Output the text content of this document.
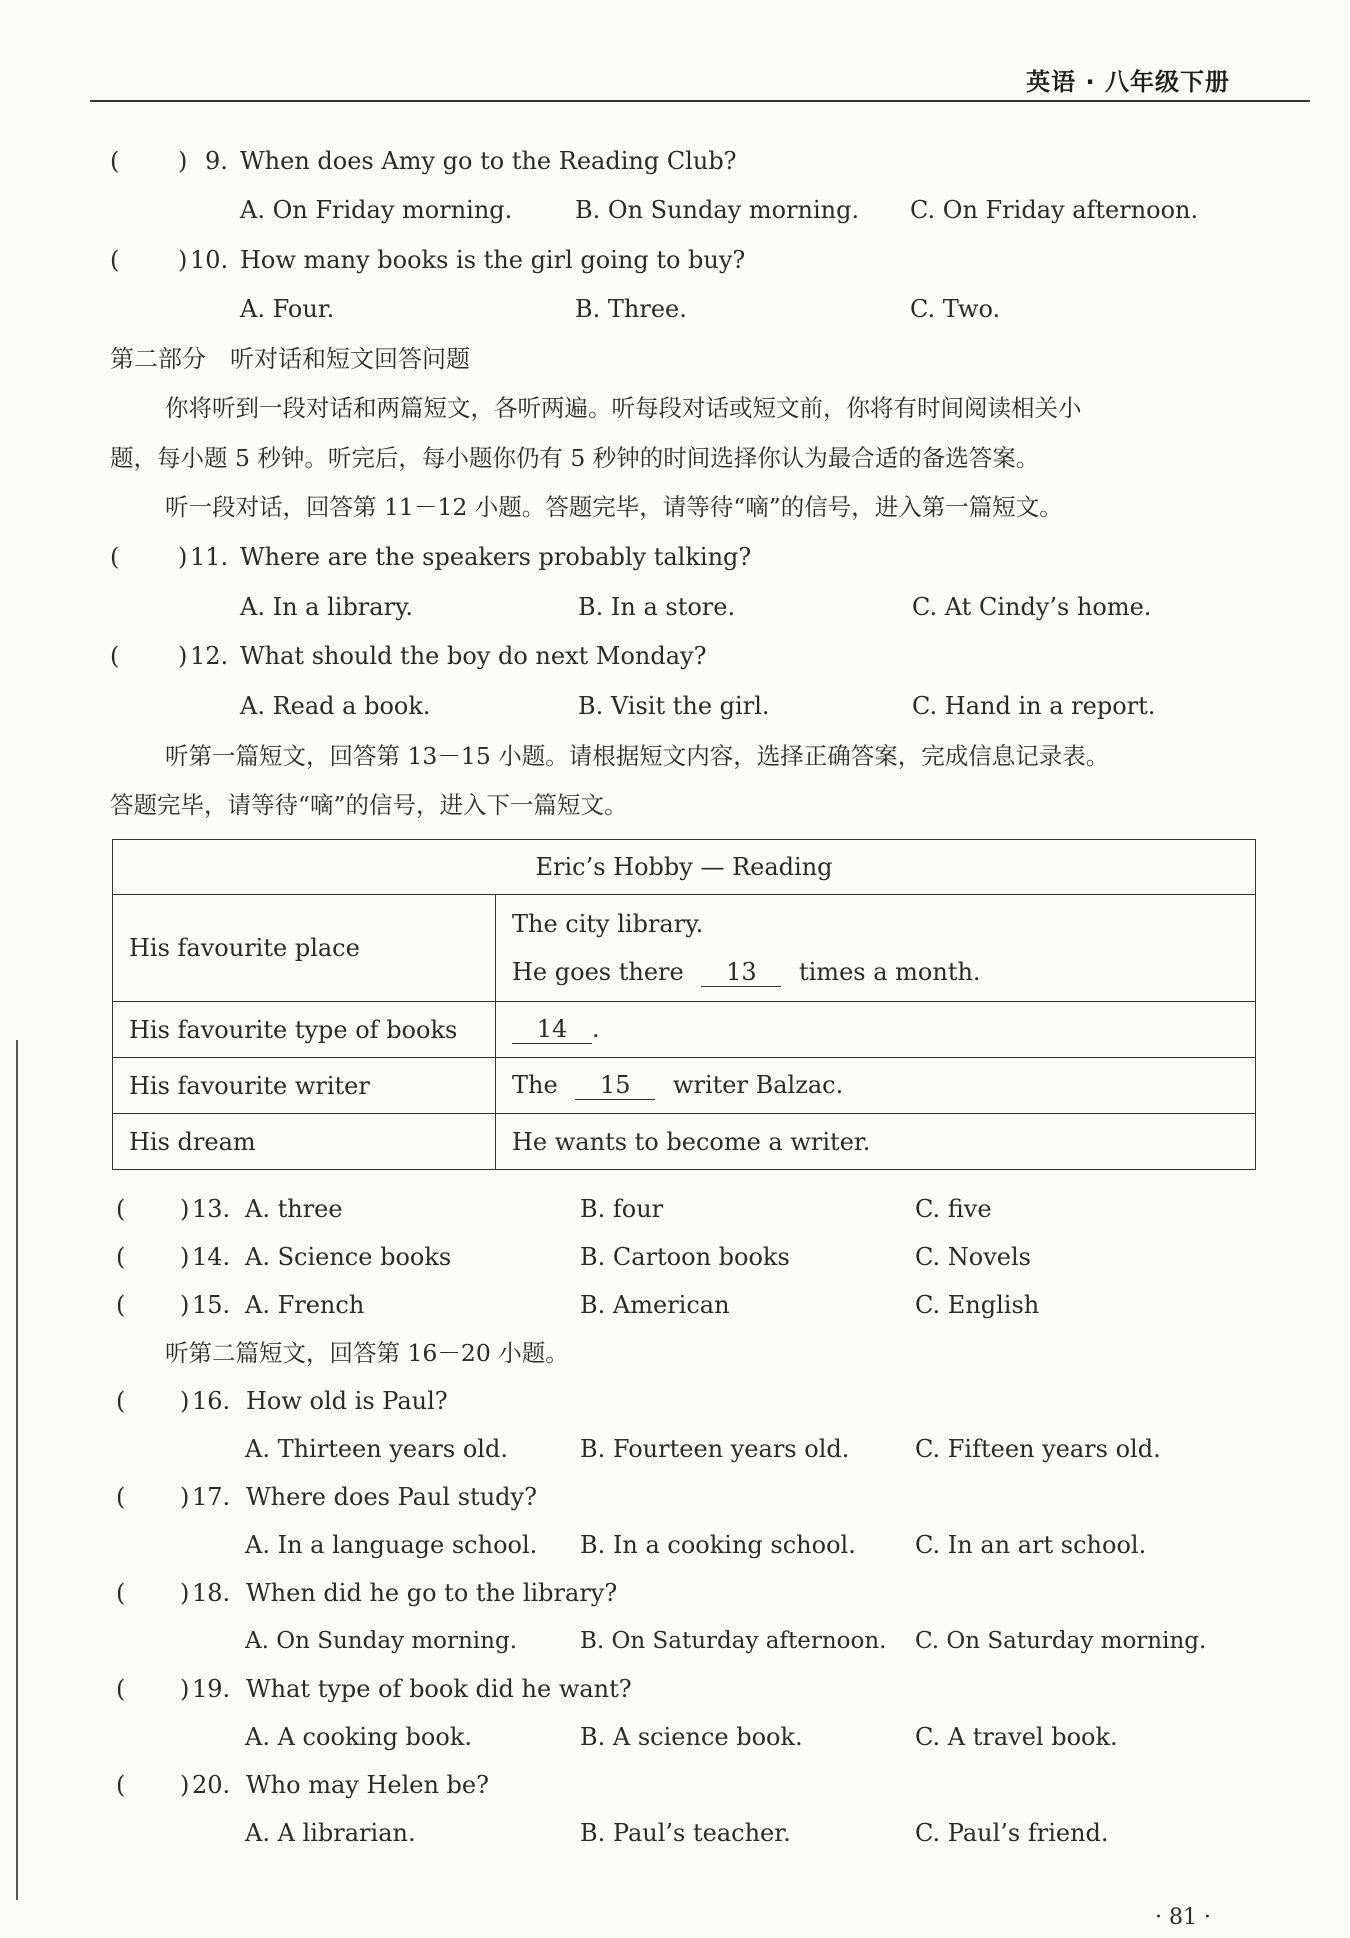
英语 · 八年级下册
( ) 9. When does Amy go to the Reading Club?
A. On Friday morning.	B. On Sunday morning. C. On Friday afternoon.
( ) 10. How many books is the girl going to buy?
A. Four.	B. Three.	C. Two.
第二部分　听对话和短文回答问题
你将听到一段对话和两篇短文，各听两遍。听每段对话或短文前，你将有时间阅读相关小
题，每小题 5 秒钟。听完后，每小题你仍有 5 秒钟的时间选择你认为最合适的备选答案。
听一段对话，回答第 11－12 小题。答题完毕，请等待“嘀”的信号，进入第一篇短文。
( ) 11. Where are the speakers probably talking?
A. In a library.	B. In a store.	C. At Cindy’s home.
( ) 12. What should the boy do next Monday?
A. Read a book.	B. Visit the girl.	C. Hand in a report.
听第一篇短文，回答第 13－15 小题。请根据短文内容，选择正确答案，完成信息记录表。
答题完毕，请等待“嘀”的信号，进入下一篇短文。
Eric’s Hobby — Reading	
His favourite place	The city library.
He goes there 13 times a month.

His favourite type of books	14 .
His favourite writer	The 15 writer Balzac.
His dream	He wants to become a writer.
( ) 13. A. three	B. four	C. five
( ) 14. A. Science books	B. Cartoon books	C. Novels
( ) 15. A. French	B. American	C. English
听第二篇短文，回答第 16－20 小题。
( ) 16. How old is Paul?
A. Thirteen years old.	B. Fourteen years old.	C. Fifteen years old.
( ) 17. Where does Paul study?
A. In a language school. B. In a cooking school. C. In an art school.
( ) 18. When did he go to the library?
A. On Sunday morning.	B. On Saturday afternoon. C. On Saturday morning.
( ) 19. What type of book did he want?
A. A cooking book.	B. A science book.	C. A travel book.
( ) 20. Who may Helen be?
A. A librarian.	B. Paul’s teacher.	C. Paul’s friend.
· 81 ·
